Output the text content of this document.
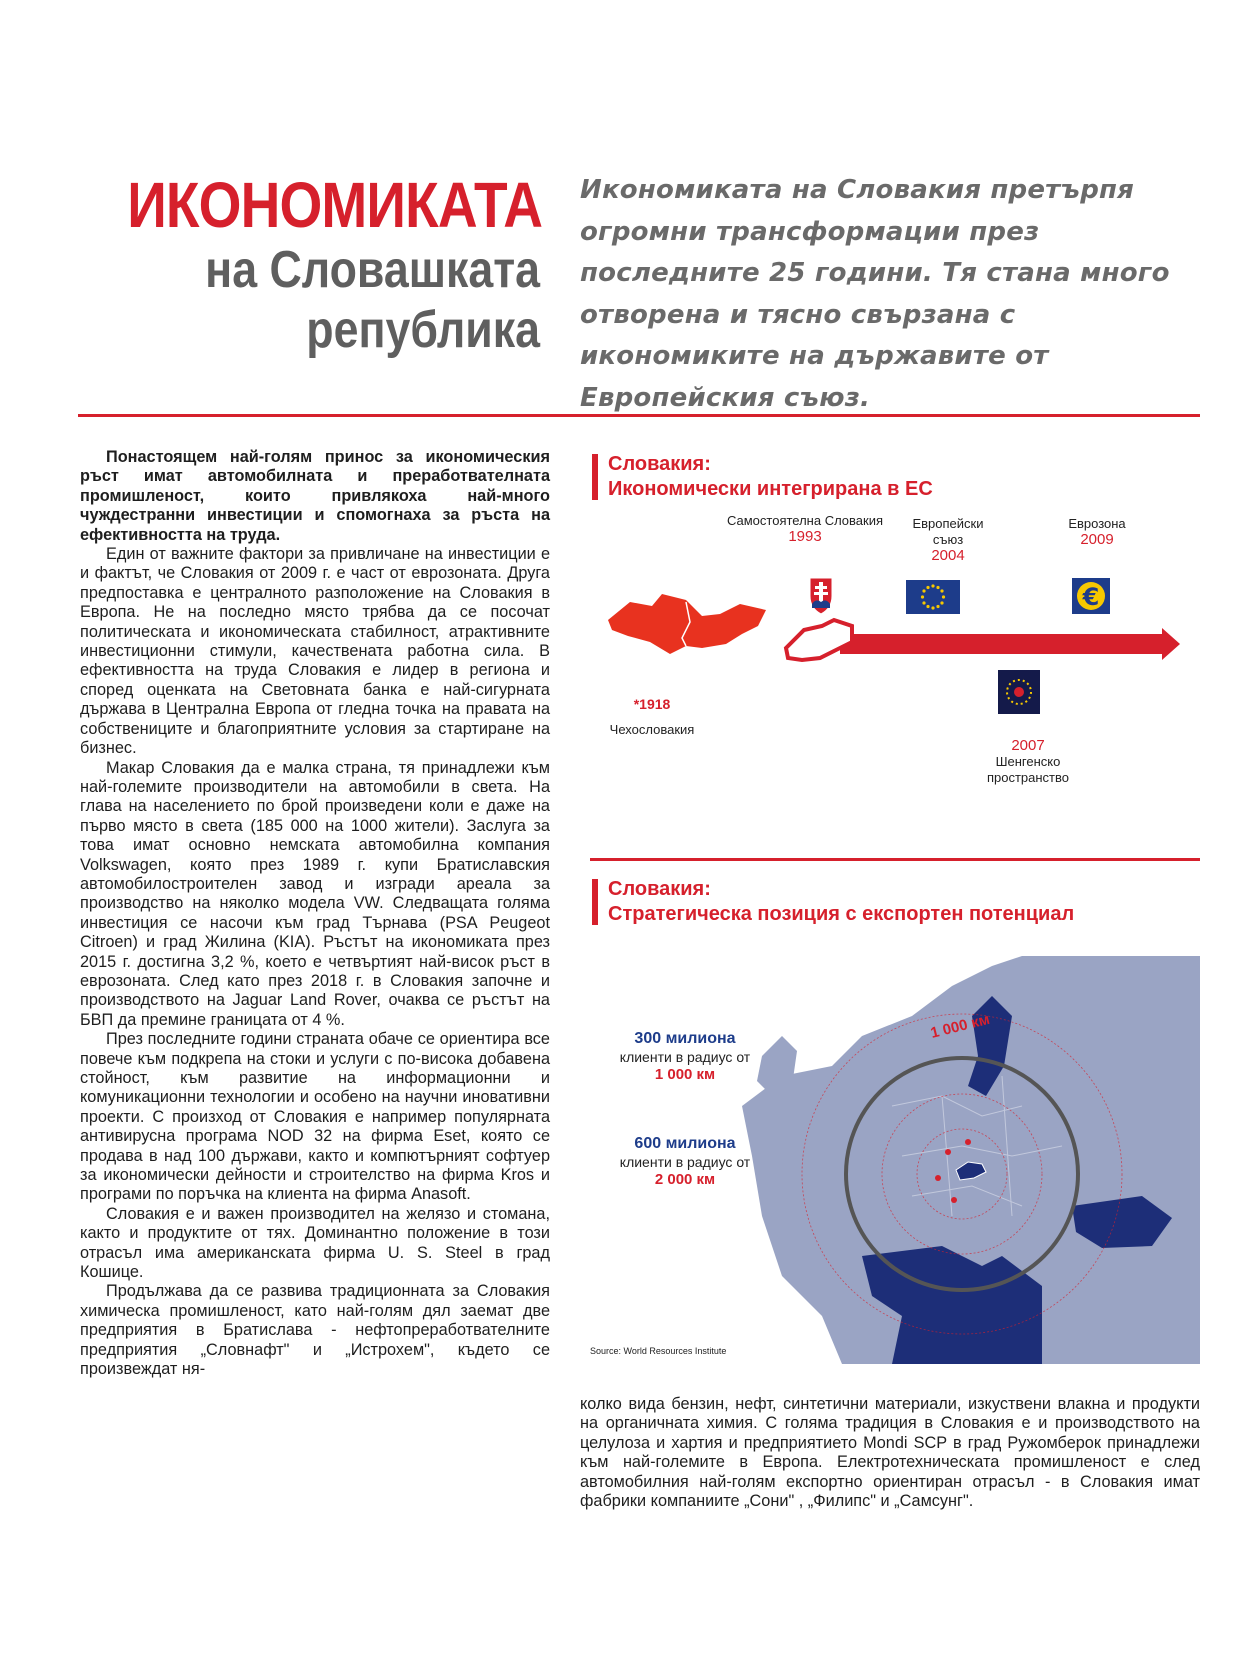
ИКОНОМИКАТА
на Словашката
република
Икономиката на Словакия претърпя огромни трансформации през последните 25 години. Тя стана много отворена и тясно свързана с икономиките на държавите от Европейския съюз.

Понастоящем най-голям принос за икономическия ръст имат автомобилната и преработвателната промишленост, които привлякоха най-много чуждестранни инвестиции и спомогнаха за ръста на ефективността на труда.

Един от важните фактори за привличане на инвестиции е и фактът, че Словакия от 2009 г. е част от еврозоната. Друга предпоставка е централното разположение на Словакия в Европа. Не на последно място трябва да се посочат политическата и икономическата стабилност, атрактивните инвестиционни стимули, качествената работна сила. В ефективността на труда Словакия е лидер в региона и според оценката на Световната банка е най-сигурната държава в Централна Европа от гледна точка на правата на собствениците и благоприятните условия за стартиране на бизнес.

Макар Словакия да е малка страна, тя принадлежи към най-големите производители на автомобили в света. На глава на населението по брой произведени коли е даже на първо място в света (185 000 на 1000 жители). Заслуга за това имат основно немската автомобилна компания Volkswagen, която през 1989 г. купи Братиславския автомобилостроителен завод и изгради ареала за производство на няколко модела VW. Следващата голяма инвестиция се насочи към град Търнава (PSA Peugeot Citroen) и град Жилина (KIA). Ръстът на икономиката през 2015 г. достигна 3,2 %, което е четвъртият най-висок ръст в еврозоната. След като през 2018 г. в Словакия започне и производството на Jaguar Land Rover, очаква се ръстът на БВП да премине границата от 4 %.

През последните години страната обаче се ориентира все повече към подкрепа на стоки и услуги с по-висока добавена стойност, към развитие на информационни и комуникационни технологии и особено на научни иновативни проекти. С произход от Словакия е например популярната антивирусна програма NOD 32 на фирма Eset, която се продава в над 100 държави, както и компютърният софтуер за икономически дейности и строителство на фирма Kros и програми по поръчка на клиента на фирма Anasoft.

Словакия е и важен производител на желязо и стомана, както и продуктите от тях. Доминантно положение в този отрасъл има американската фирма U. S. Steel в град Кошице.

Продължава да се развива традиционната за Словакия химическа промишленост, като най-голям дял заемат две предприятия в Братислава - нефтопреработвателните предприятия „Словнафт" и „Истрохем", където се произвеждат ня-

Словакия:
Икономически интегрирана в ЕС
€
*1918
Чехословакия
Самостоятелна Словакия
1993
Европейски
съюз
2004
Еврозона
2009
2007
Шенгенско
пространство
Словакия:
Стратегическа позиция с експортен потенциал
1 000 км
300 милиона
клиенти в радиус от
1 000 км
600 милиона
клиенти в радиус от
2 000 км
Source: World Resources Institute

колко вида бензин, нефт, синтетични материали, изкуствени влакна и продукти на органичната химия. С голяма традиция в Словакия е и производството на целулоза и хартия и предприятието Mondi SCP в град Ружомберок принадлежи към най-големите в Европа. Електротехническата промишленост е след автомобилния най-голям експортно ориентиран отрасъл - в Словакия имат фабрики компаниите „Сони" , „Филипс" и „Самсунг".
